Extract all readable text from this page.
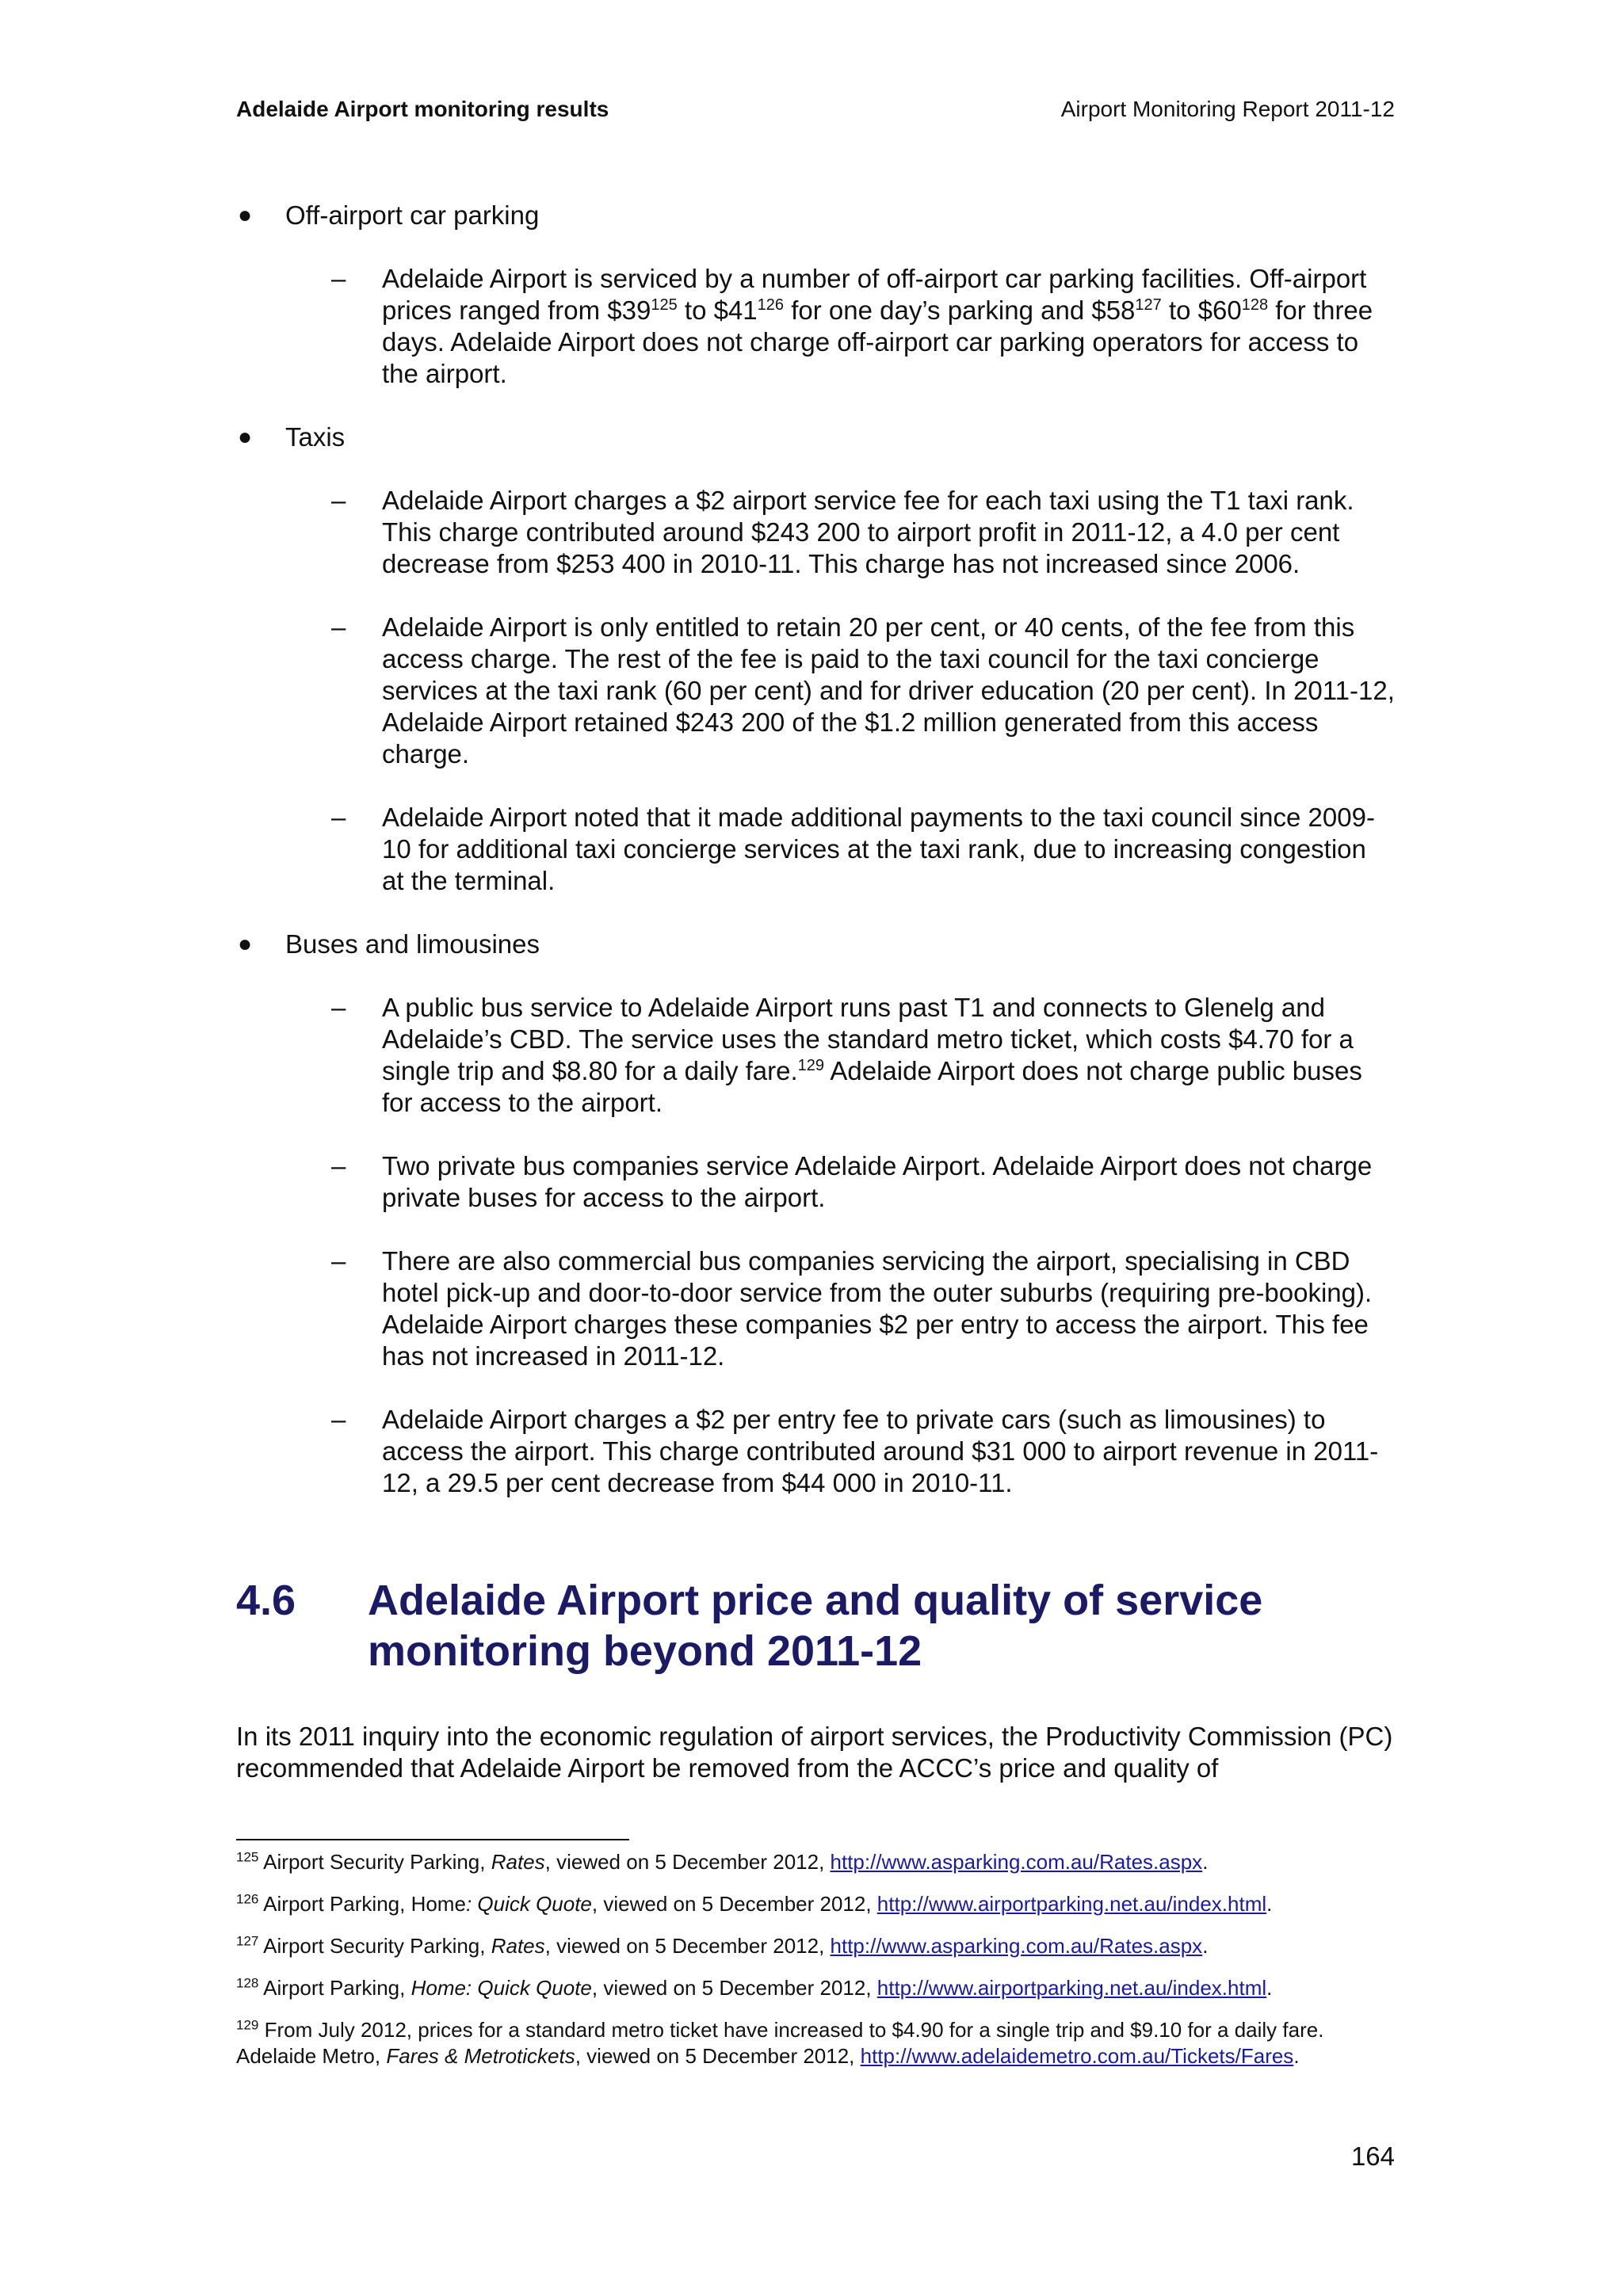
Adelaide Airport monitoring results	Airport Monitoring Report 2011-12
● Off-airport car parking
– Adelaide Airport is serviced by a number of off-airport car parking facilities. Off-airport prices ranged from $\$39^{125}$ to $\$41^{126}$ for one day’s parking and $\$58^{127}$ to $\$60^{128}$ for three days. Adelaide Airport does not charge off-airport car parking operators for access to the airport.
● Taxis
– Adelaide Airport charges a $2 airport service fee for each taxi using the T1 taxi rank. This charge contributed around $243 200 to airport profit in 2011-12, a 4.0 per cent decrease from $253 400 in 2010-11. This charge has not increased since 2006.
– Adelaide Airport is only entitled to retain 20 per cent, or 40 cents, of the fee from this access charge. The rest of the fee is paid to the taxi council for the taxi concierge services at the taxi rank (60 per cent) and for driver education (20 per cent). In 2011-12, Adelaide Airport retained $243 200 of the $1.2 million generated from this access charge.
– Adelaide Airport noted that it made additional payments to the taxi council since 2009-10 for additional taxi concierge services at the taxi rank, due to increasing congestion at the terminal.
● Buses and limousines
– A public bus service to Adelaide Airport runs past T1 and connects to Glenelg and Adelaide’s CBD. The service uses the standard metro ticket, which costs $4.70 for a single trip and $8.80 for a daily fare.$^{129}$ Adelaide Airport does not charge public buses for access to the airport.
– Two private bus companies service Adelaide Airport. Adelaide Airport does not charge private buses for access to the airport.
– There are also commercial bus companies servicing the airport, specialising in CBD hotel pick-up and door-to-door service from the outer suburbs (requiring pre-booking). Adelaide Airport charges these companies $2 per entry to access the airport. This fee has not increased in 2011-12.
– Adelaide Airport charges a $2 per entry fee to private cars (such as limousines) to access the airport. This charge contributed around $31 000 to airport revenue in 2011-12, a 29.5 per cent decrease from $44 000 in 2010-11.
4.6 Adelaide Airport price and quality of service monitoring beyond 2011-12

In its 2011 inquiry into the economic regulation of airport services, the Productivity Commission (PC) recommended that Adelaide Airport be removed from the ACCC’s price and quality of

$^{125}$ Airport Security Parking, Rates, viewed on 5 December 2012, http://www.asparking.com.au/Rates.aspx.
$^{126}$ Airport Parking, Home: Quick Quote, viewed on 5 December 2012, http://www.airportparking.net.au/index.html.
$^{127}$ Airport Security Parking, Rates, viewed on 5 December 2012, http://www.asparking.com.au/Rates.aspx.
$^{128}$ Airport Parking, Home: Quick Quote, viewed on 5 December 2012, http://www.airportparking.net.au/index.html.
$^{129}$ From July 2012, prices for a standard metro ticket have increased to $4.90 for a single trip and $9.10 for a daily fare.
Adelaide Metro, Fares & Metrotickets, viewed on 5 December 2012, http://www.adelaidemetro.com.au/Tickets/Fares.
164
